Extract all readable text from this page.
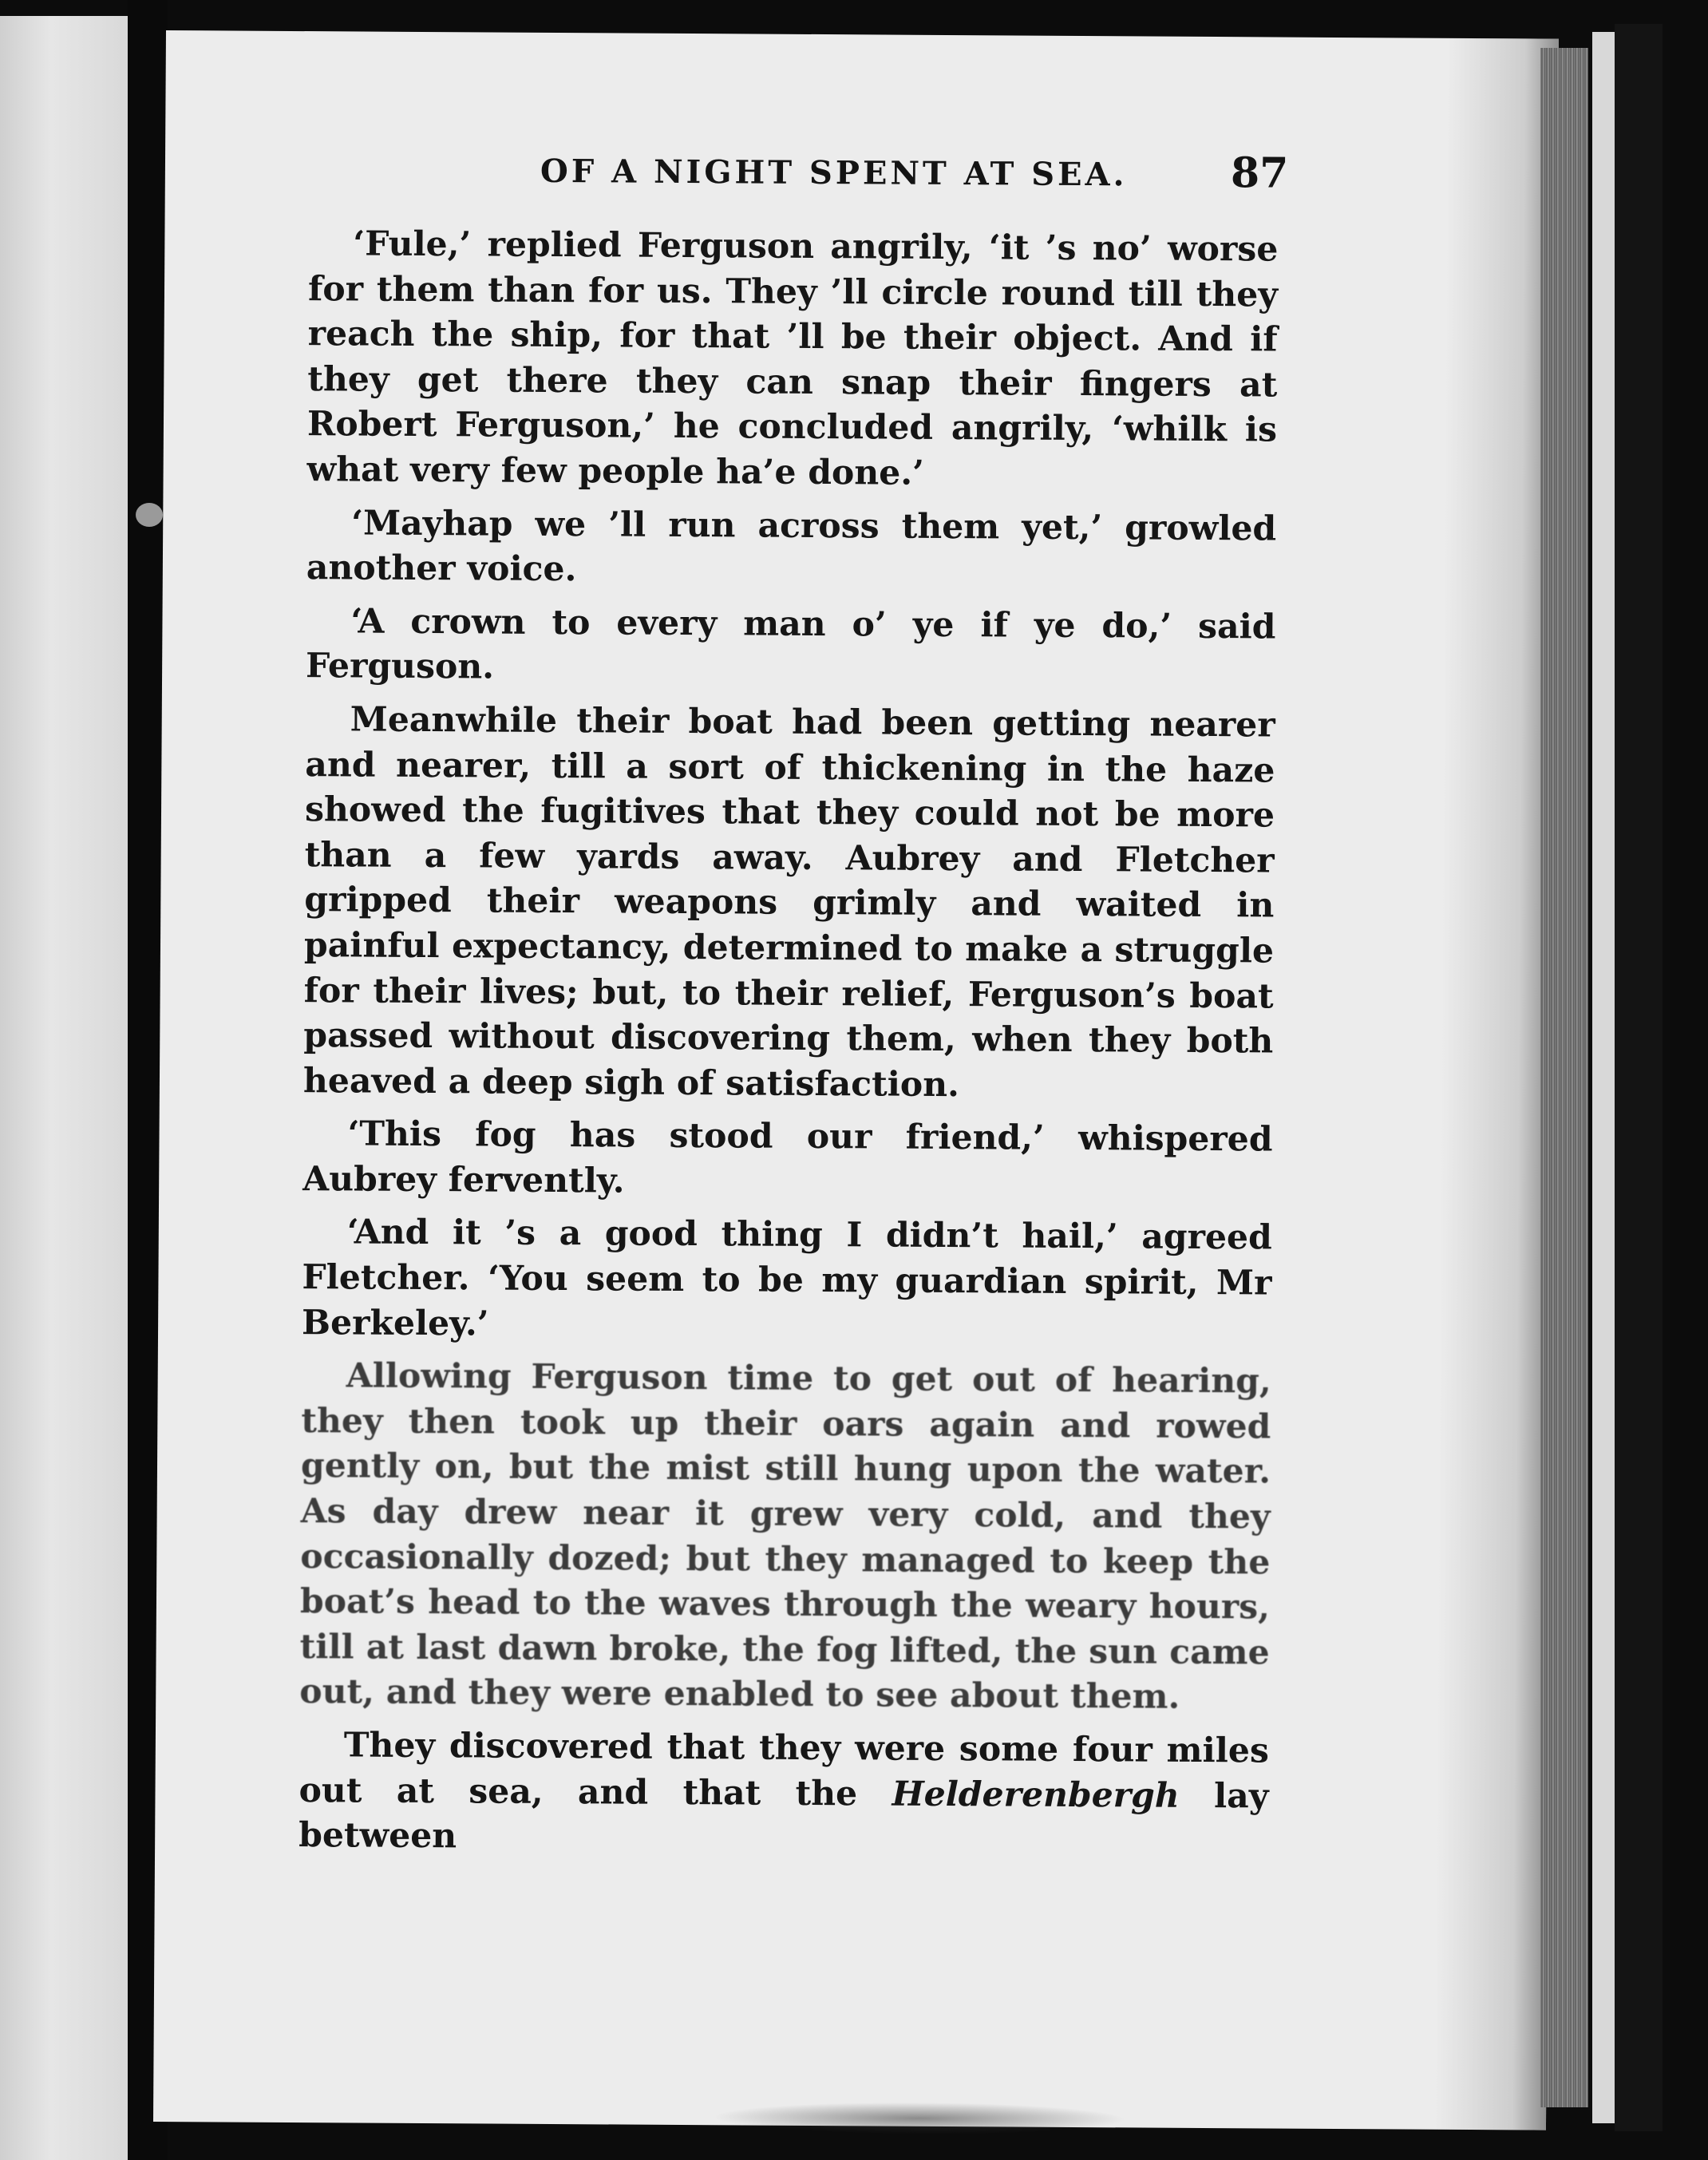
OF A NIGHT SPENT AT SEA. 87

‘Fule,’ replied Ferguson angrily, ‘it ’s no’ worse for them than for us. They ’ll circle round till they reach the ship, for that ’ll be their object. And if they get there they can snap their fingers at Robert Ferguson,’ he concluded angrily, ‘whilk is what very few people ha’e done.’

‘Mayhap we ’ll run across them yet,’ growled another voice.

‘A crown to every man o’ ye if ye do,’ said Ferguson.

Meanwhile their boat had been getting nearer and nearer, till a sort of thickening in the haze showed the fugitives that they could not be more than a few yards away. Aubrey and Fletcher gripped their weapons grimly and waited in painful expectancy, determined to make a struggle for their lives; but, to their relief, Ferguson’s boat passed without discovering them, when they both heaved a deep sigh of satisfaction.

‘This fog has stood our friend,’ whispered Aubrey fervently.

‘And it ’s a good thing I didn’t hail,’ agreed Fletcher. ‘You seem to be my guardian spirit, Mr Berkeley.’

Allowing Ferguson time to get out of hearing, they then took up their oars again and rowed gently on, but the mist still hung upon the water. As day drew near it grew very cold, and they occasionally dozed; but they managed to keep the boat’s head to the waves through the weary hours, till at last dawn broke, the fog lifted, the sun came out, and they were enabled to see about them.

They discovered that they were some four miles out at sea, and that the Helderenbergh lay between
